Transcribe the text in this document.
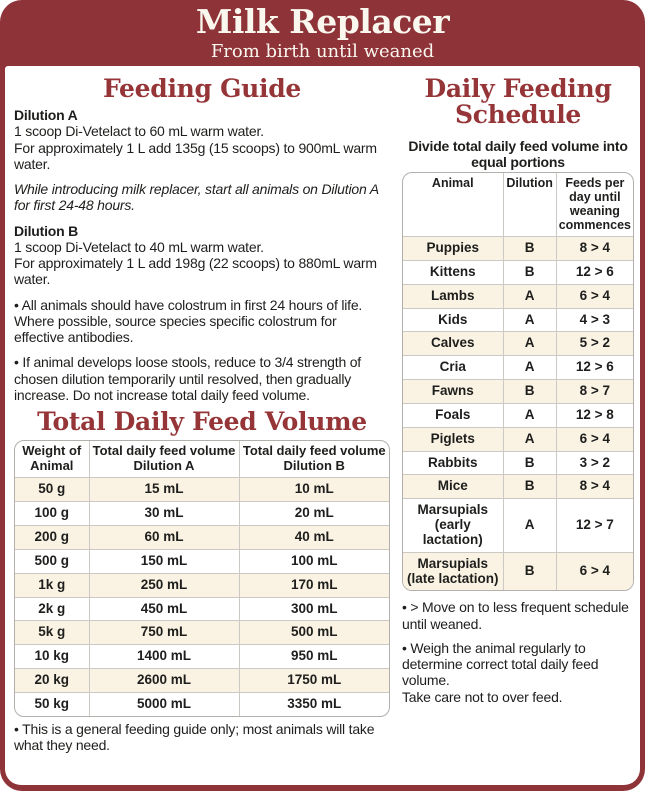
Milk Replacer
From birth until weaned
Feeding Guide

Dilution A

1 scoop Di-Vetelact to 60 mL warm water.

For approximately 1 L add 135g (15 scoops) to 900mL warm water.

While introducing milk replacer, start all animals on Dilution A for first 24-48 hours.

Dilution B

1 scoop Di-Vetelact to 40 mL warm water.

For approximately 1 L add 198g (22 scoops) to 880mL warm water.

• All animals should have colostrum in first 24 hours of life. Where possible, source species specific colostrum for effective antibodies.

• If animal develops loose stools, reduce to 3/4 strength of chosen dilution temporarily until resolved, then gradually increase. Do not increase total daily feed volume.

Total Daily Feed Volume
Weight of Animal	Total daily feed volume Dilution A	Total daily feed volume Dilution B
50 g	15 mL	10 mL
100 g	30 mL	20 mL
200 g	60 mL	40 mL
500 g	150 mL	100 mL
1k g	250 mL	170 mL
2k g	450 mL	300 mL
5k g	750 mL	500 mL
10 kg	1400 mL	950 mL
20 kg	2600 mL	1750 mL
50 kg	5000 mL	3350 mL

• This is a general feeding guide only; most animals will take what they need.

Daily Feeding Schedule

Divide total daily feed volume into equal portions

Animal	Dilution	Feeds per day until weaning commences
Puppies	B	8 > 4
Kittens	B	12 > 6
Lambs	A	6 > 4
Kids	A	4 > 3
Calves	A	5 > 2
Cria	A	12 > 6
Fawns	B	8 > 7
Foals	A	12 > 8
Piglets	A	6 > 4
Rabbits	B	3 > 2
Mice	B	8 > 4
Marsupials (early lactation)	A	12 > 7
Marsupials (late lactation)	B	6 > 4

• > Move on to less frequent schedule until weaned.

• Weigh the animal regularly to determine correct total daily feed volume.

Take care not to over feed.
